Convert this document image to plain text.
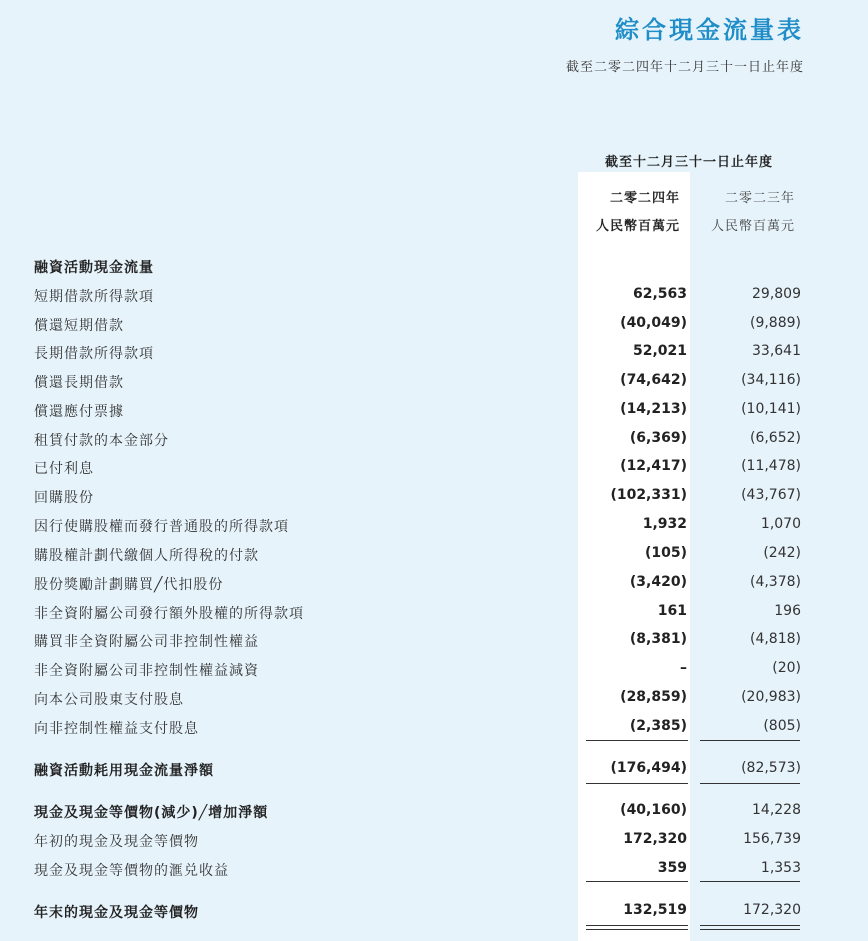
綜合現金流量表
截至二零二四年十二月三十一日止年度
截至十二月三十一日止年度
二零二四年	二零二三年
人民幣百萬元 人民幣百萬元
融資活動現金流量
短期借款所得款項	62,563	29,809
償還短期借款	(40,049)	(9,889)
長期借款所得款項	52,021	33,641
償還長期借款	(74,642)	(34,116)
償還應付票據	(14,213)	(10,141)
租賃付款的本金部分	(6,369)	(6,652)
已付利息	(12,417)	(11,478)
回購股份	(102,331)	(43,767)
因行使購股權而發行普通股的所得款項	1,932	1,070
購股權計劃代繳個人所得稅的付款	(105)	(242)
股份獎勵計劃購買╱代扣股份	(3,420)	(4,378)
非全資附屬公司發行額外股權的所得款項	161	196
購買非全資附屬公司非控制性權益	(8,381)	(4,818)
非全資附屬公司非控制性權益減資	–	(20)
向本公司股東支付股息	(28,859)	(20,983)
向非控制性權益支付股息	(2,385)	(805)
融資活動耗用現金流量淨額	(176,494)	(82,573)
現金及現金等價物(減少)╱增加淨額	(40,160)	14,228
年初的現金及現金等價物	172,320	156,739
現金及現金等價物的滙兑收益	359	1,353
年末的現金及現金等價物	132,519	172,320
